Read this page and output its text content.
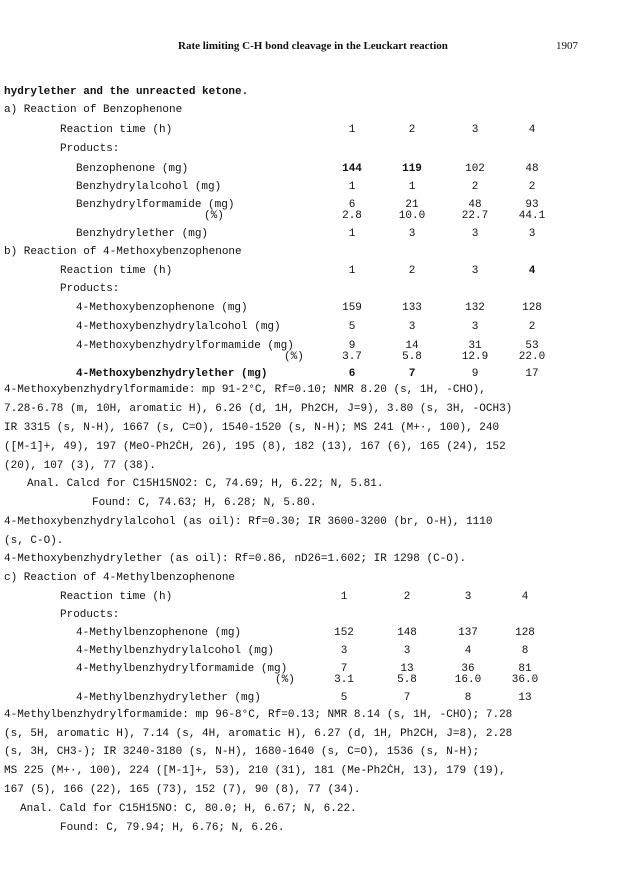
Rate limiting C-H bond cleavage in the Leuckart reaction	1907
hydrylether and the unreacted ketone.
a) Reaction of Benzophenone
Reaction time (h)	1	2	3	4
Products:
Benzophenone (mg)	144	119	102	48
Benzhydrylalcohol (mg)	1	1	2	2
Benzhydrylformamide (mg)	6	21	48	93
(%)	2.8	10.0	22.7	44.1
Benzhydrylether (mg)	1	3	3	3
b) Reaction of 4-Methoxybenzophenone
Reaction time (h)	1	2	3	4
Products:
4-Methoxybenzophenone (mg)	159	133	132	128
4-Methoxybenzhydrylalcohol (mg)	5	3	3	2
4-Methoxybenzhydrylformamide (mg)	9	14	31	53
(%)	3.7	5.8	12.9	22.0
4-Methoxybenzhydrylether (mg)	6	7	9	17
4-Methoxybenzhydrylformamide: mp 91-2°C, Rf=0.10; NMR 8.20 (s, 1H, -CHO),
7.28-6.78 (m, 10H, aromatic H), 6.26 (d, 1H, Ph2CH, J=9), 3.80 (s, 3H, -OCH3)
IR 3315 (s, N-H), 1667 (s, C=O), 1540-1520 (s, N-H); MS 241 (M+·, 100), 240
([M-1]+, 49), 197 (MeO-Ph2ĊH, 26), 195 (8), 182 (13), 167 (6), 165 (24), 152
(20), 107 (3), 77 (38).
Anal. Calcd for C15H15NO2: C, 74.69; H, 6.22; N, 5.81.
Found: C, 74.63; H, 6.28; N, 5.80.
4-Methoxybenzhydrylalcohol (as oil): Rf=0.30; IR 3600-3200 (br, O-H), 1110
(s, C-O).
4-Methoxybenzhydrylether (as oil): Rf=0.86, nD26=1.602; IR 1298 (C-O).
c) Reaction of 4-Methylbenzophenone
Reaction time (h)	1	2	3	4
Products:
4-Methylbenzophenone (mg)	152	148	137	128
4-Methylbenzhydrylalcohol (mg)	3	3	4	8
4-Methylbenzhydrylformamide (mg)	7	13	36	81
(%)	3.1	5.8	16.0	36.0
4-Methylbenzhydrylether (mg)	5	7	8	13
4-Methylbenzhydrylformamide: mp 96-8°C, Rf=0.13; NMR 8.14 (s, 1H, -CHO); 7.28
(s, 5H, aromatic H), 7.14 (s, 4H, aromatic H), 6.27 (d, 1H, Ph2CH, J=8), 2.28
(s, 3H, CH3-); IR 3240-3180 (s, N-H), 1680-1640 (s, C=O), 1536 (s, N-H);
MS 225 (M+·, 100), 224 ([M-1]+, 53), 210 (31), 181 (Me-Ph2ĊH, 13), 179 (19),
167 (5), 166 (22), 165 (73), 152 (7), 90 (8), 77 (34).
Anal. Cald for C15H15NO: C, 80.0; H, 6.67; N, 6.22.
Found: C, 79.94; H, 6.76; N, 6.26.
